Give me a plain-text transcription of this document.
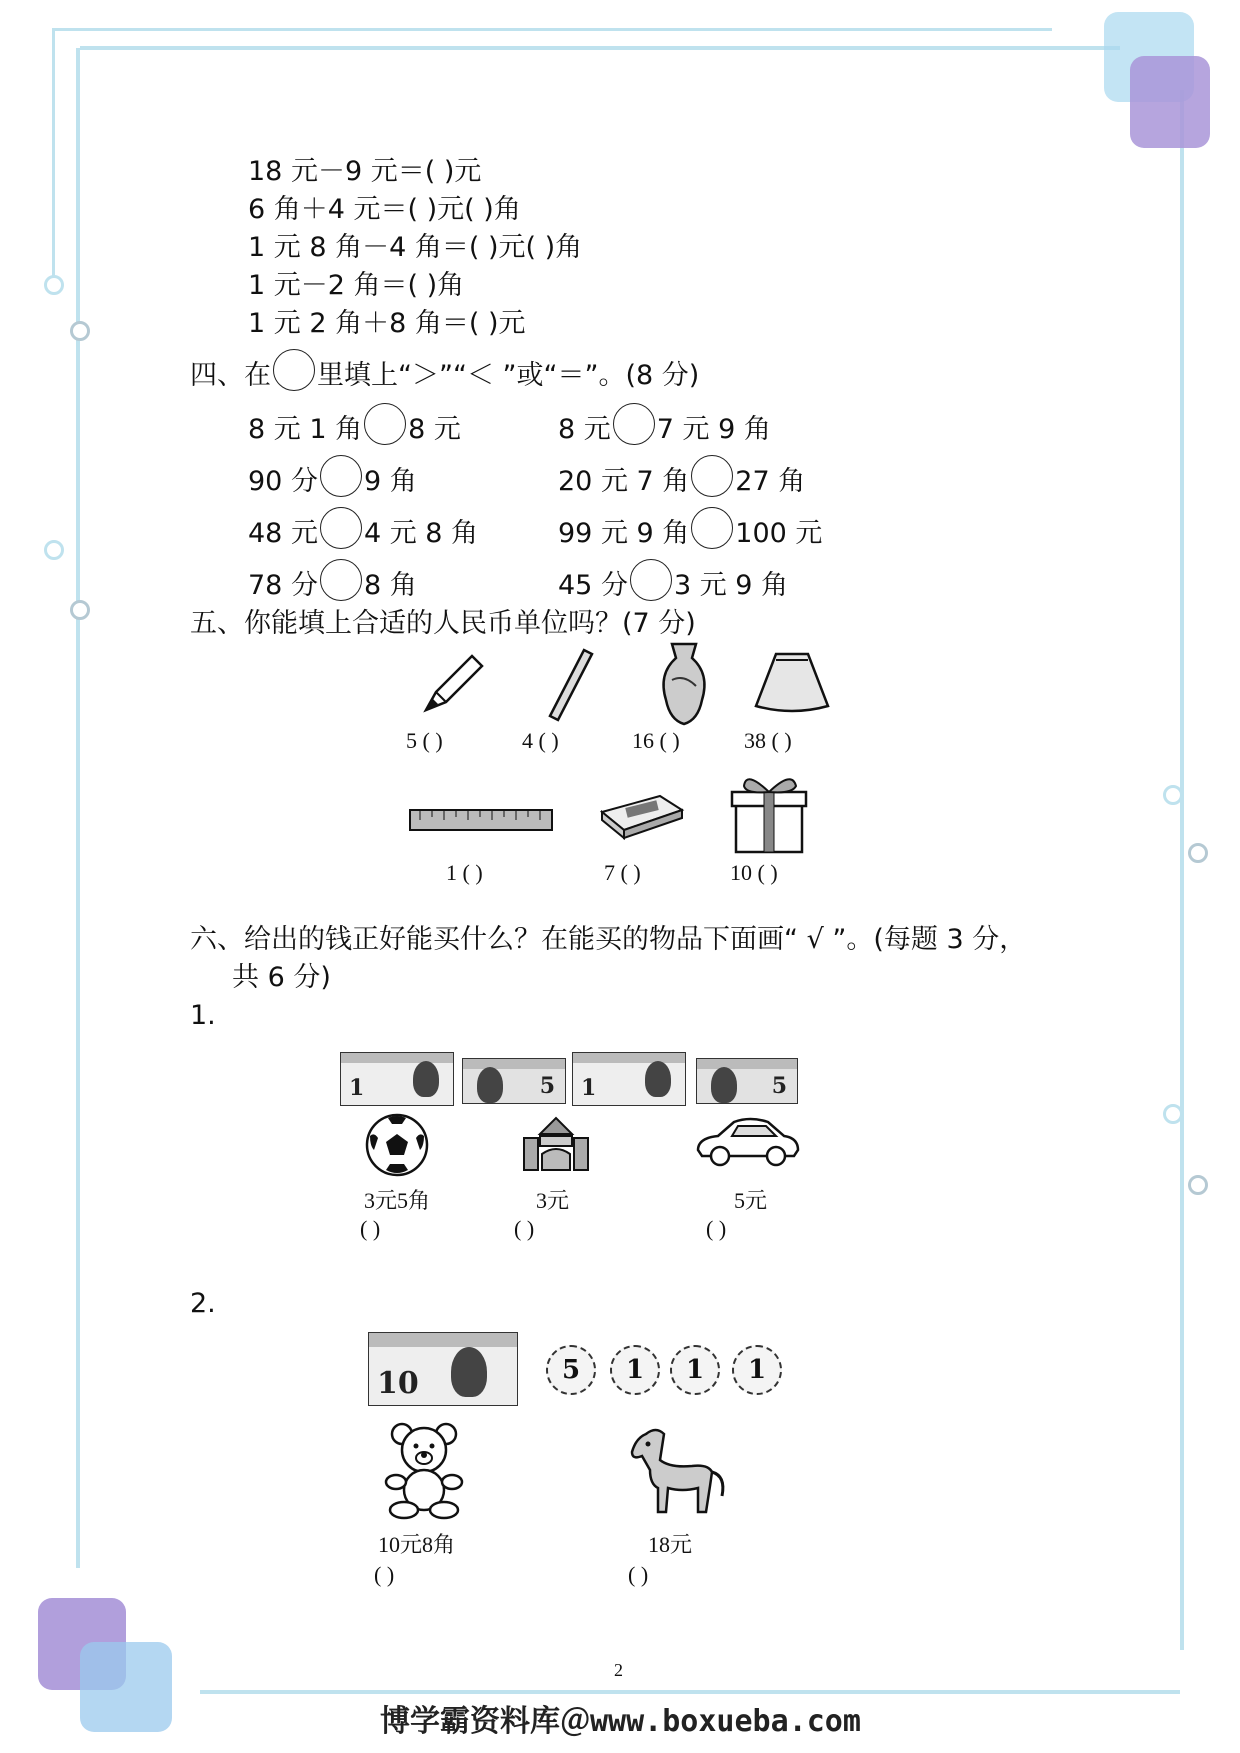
18 元－9 元＝( )元
6 角＋4 元＝( )元( )角
1 元 8 角－4 角＝( )元( )角
1 元－2 角＝( )角
1 元 2 角＋8 角＝( )元
四、在 里填上“＞”“＜ ”或“＝”。(8 分)
8 元 1 角 8 元	8 元 7 元 9 角
90 分 9 角	20 元 7 角 27 角
48 元 4 元 8 角	99 元 9 角 100 元
78 分 8 角	45 分 3 元 9 角
五、你能填上合适的人民币单位吗？(7 分)
5 ( )	4 ( )	16 ( )	38 ( )
1 ( )	7 ( )	10 ( )
六、给出的钱正好能买什么？在能买的物品下面画“ √ ”。(每题 3 分，
共 6 分)
1.
1	5 1	5
3元5角	3元	5元
( )	( )	( )
2.
10	5	1	1	1
10元8角	18元
( )	( )
2
博学霸资料库＠www.boxueba.com
